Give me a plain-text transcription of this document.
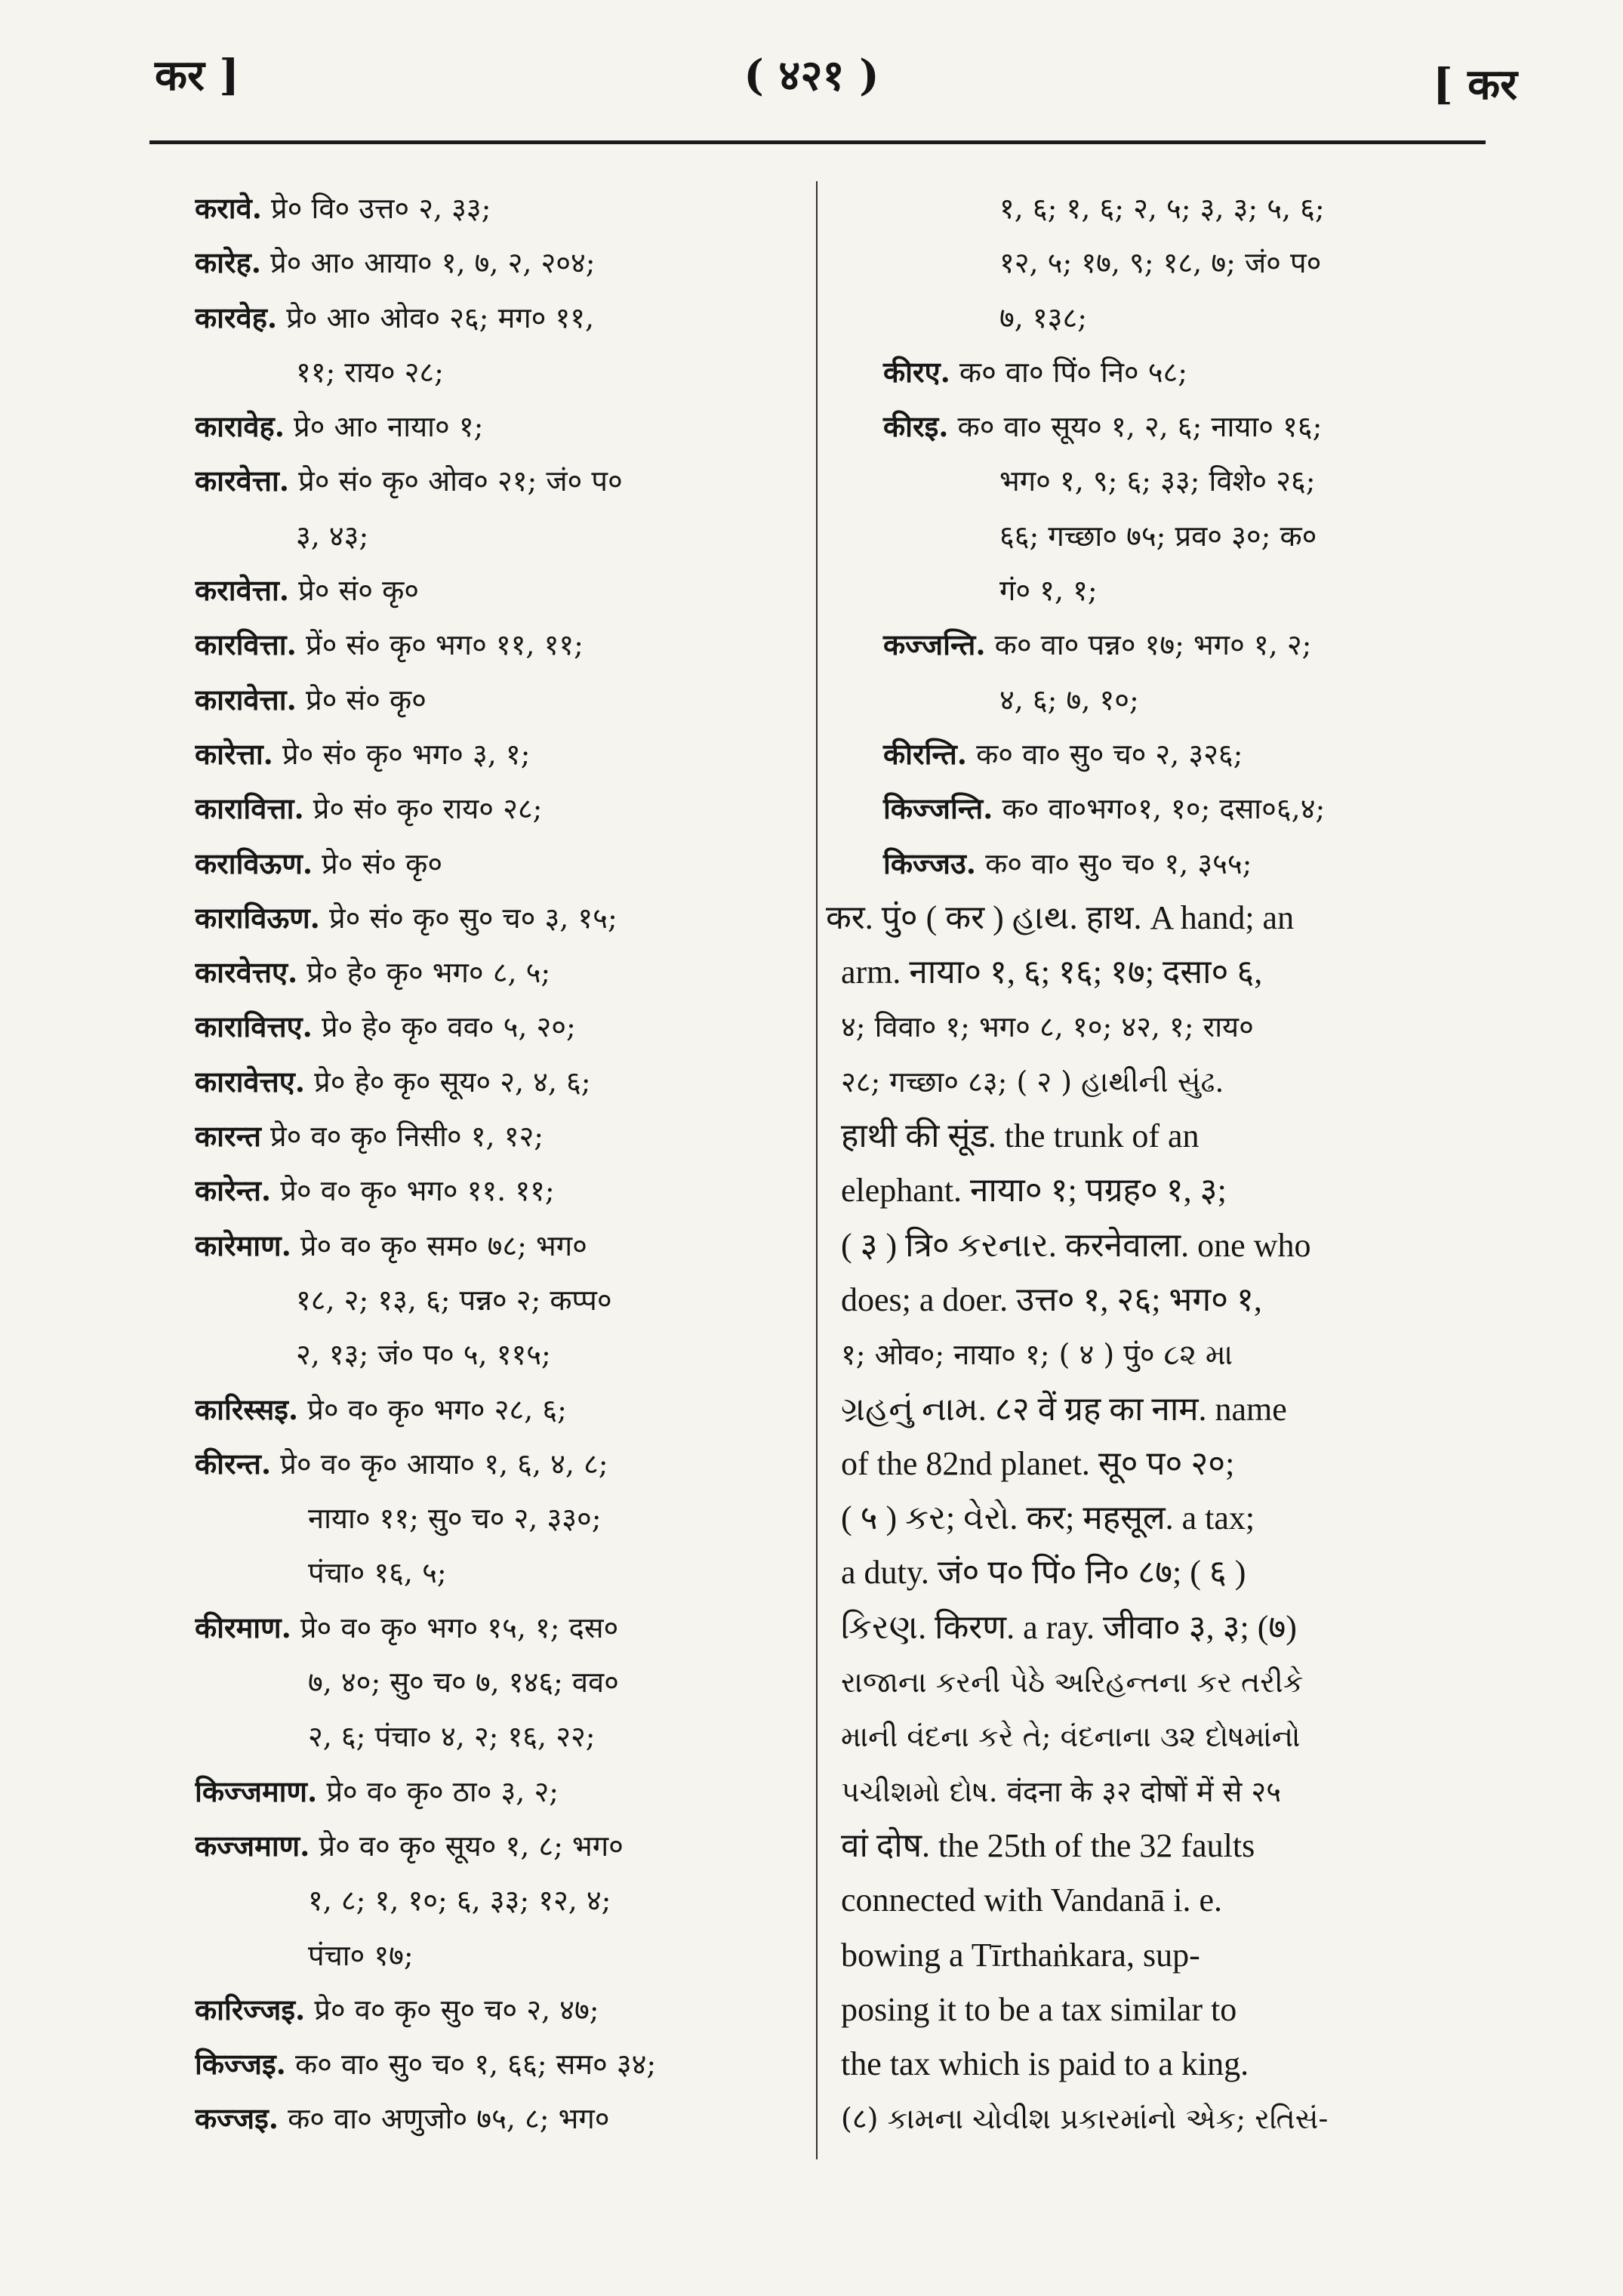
कर ]	( ४२१ )	[ कर
करावे. प्रे० वि० उत्त० २, ३३;
कारेह. प्रे० आ० आया० १, ७, २, २०४;
कारवेह. प्रे० आ० ओव० २६; मग० ११,
११; राय० २८;
कारावेह. प्रे० आ० नाया० १;
कारवेत्ता. प्रे० सं० कृ० ओव० २१; जं० प०
३, ४३;
करावेत्ता. प्रे० सं० कृ०
कारवित्ता. प्रें० सं० कृ० भग० ११, ११;
कारावेत्ता. प्रे० सं० कृ०
कारेत्ता. प्रे० सं० कृ० भग० ३, १;
कारावित्ता. प्रे० सं० कृ० राय० २८;
कराविऊण. प्रे० सं० कृ०
काराविऊण. प्रे० सं० कृ० सु० च० ३, १५;
कारवेत्तए. प्रे० हे० कृ० भग० ८, ५;
कारावित्तए. प्रे० हे० कृ० वव० ५, २०;
कारावेत्तए. प्रे० हे० कृ० सूय० २, ४, ६;
कारन्त प्रे० व० कृ० निसी० १, १२;
कारेन्त. प्रे० व० कृ० भग० ११. ११;
कारेमाण. प्रे० व० कृ० सम० ७८; भग०
१८, २; १३, ६; पन्न० २; कप्प०
२, १३; जं० प० ५, ११५;
कारिस्सइ. प्रे० व० कृ० भग० २८, ६;
कीरन्त. प्रे० व० कृ० आया० १, ६, ४, ८;
नाया० ११; सु० च० २, ३३०;
पंचा० १६, ५;
कीरमाण. प्रे० व० कृ० भग० १५, १; दस०
७, ४०; सु० च० ७, १४६; वव०
२, ६; पंचा० ४, २; १६, २२;
किज्जमाण. प्रे० व० कृ० ठा० ३, २;
कज्जमाण. प्रे० व० कृ० सूय० १, ८; भग०
१, ८; १, १०; ६, ३३; १२, ४;
पंचा० १७;
कारिज्जइ. प्रे० व० कृ० सु० च० २, ४७;
किज्जइ. क० वा० सु० च० १, ६६; सम० ३४;
कज्जइ. क० वा० अणुजो० ७५, ८; भग०
१, ६; १, ६; २, ५; ३, ३; ५, ६;
१२, ५; १७, ९; १८, ७; जं० प०
७, १३८;
कीरए. क० वा० पिं० नि० ५८;
कीरइ. क० वा० सूय० १, २, ६; नाया० १६;
भग० १, ९; ६; ३३; विशे० २६;
६६; गच्छा० ७५; प्रव० ३०; क०
गं० १, १;
कज्जन्ति. क० वा० पन्न० १७; भग० १, २;
४, ६; ७, १०;
कीरन्ति. क० वा० सु० च० २, ३२६;
किज्जन्ति. क० वा०भग०१, १०; दसा०६,४;
किज्जउ. क० वा० सु० च० १, ३५५;
कर. पुं० ( कर ) હાથ. हाथ. A hand; an
arm. नाया० १, ६; १६; १७; दसा० ६,
४; विवा० १; भग० ८, १०; ४२, १; राय०
२८; गच्छा० ८३; ( २ ) હાથીની સુંઢ.
हाथी की सूंड. the trunk of an
elephant. नाया० १; पग्रह० १, ३;
( ३ ) त्रि० કરનાર. करनेवाला. one who
does; a doer. उत्त० १, २६; भग० १,
१; ओव०; नाया० १; ( ४ ) पुं० ૮૨ મા
ગ્રહનું નામ. ८२ वें ग्रह का नाम. name
of the 82nd planet. सू० प० २०;
( ५ ) કર; વેરો. कर; महसूल. a tax;
a duty. जं० प० पिं० नि० ८७; ( ६ )
કિરણ. किरण. a ray. जीवा० ३, ३; (७)
રાજાના કરની પેઠે અરિહન્તના કર તરીકે
માની વંદના કરે તે; વંદનાના ૩૨ દોષમાંનો
પચીશમો દોષ. वंदना के ३२ दोषों में से २५
वां दोष. the 25th of the 32 faults
connected with Vandanā i. e.
bowing a Tīrthaṅkara, sup-
posing it to be a tax similar to
the tax which is paid to a king.
(८) કામના ચોવીશ પ્રકારમાંનો એક; રતિસં-
